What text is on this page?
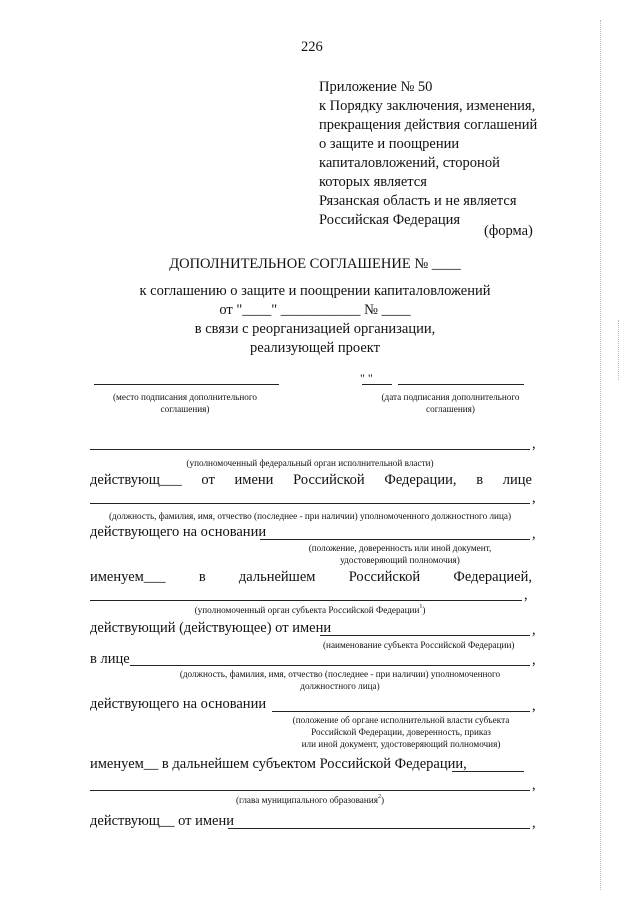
226
Приложение № 50
к Порядку заключения, изменения,
прекращения действия соглашений
о защите и поощрении
капиталовложений, стороной
которых является
Рязанская область и не является
Российская Федерация
(форма)
ДОПОЛНИТЕЛЬНОЕ СОГЛАШЕНИЕ № ____
к соглашению о защите и поощрении капиталовложений
от "____" ___________ № ____
в связи с реорганизацией организации,
реализующей проект
" "
(место подписания дополнительного соглашения)
(дата подписания дополнительного соглашения)
,
(уполномоченный федеральный орган исполнительной власти)
действующ___ от имени Российской Федерации, в лице
,
(должность, фамилия, имя, отчество (последнее - при наличии) уполномоченного должностного лица)
действующего на основании	,
(положение, доверенность или иной документ,
удостоверяющий полномочия)
именуем___ в дальнейшем Российской Федерацией,
,
(уполномоченный орган субъекта Российской Федерации$^1$)
действующий (действующее) от имени	,
(наименование субъекта Российской Федерации)
в лице	,
(должность, фамилия, имя, отчество (последнее - при наличии) уполномоченного
должностного лица)
действующего на основании	,
(положение об органе исполнительной власти субъекта
Российской Федерации, доверенность, приказ
или иной документ, удостоверяющий полномочия)
именуем__ в дальнейшем субъектом Российской Федерации,
,
(глава муниципального образования$^2$)
действующ__ от имени	,
